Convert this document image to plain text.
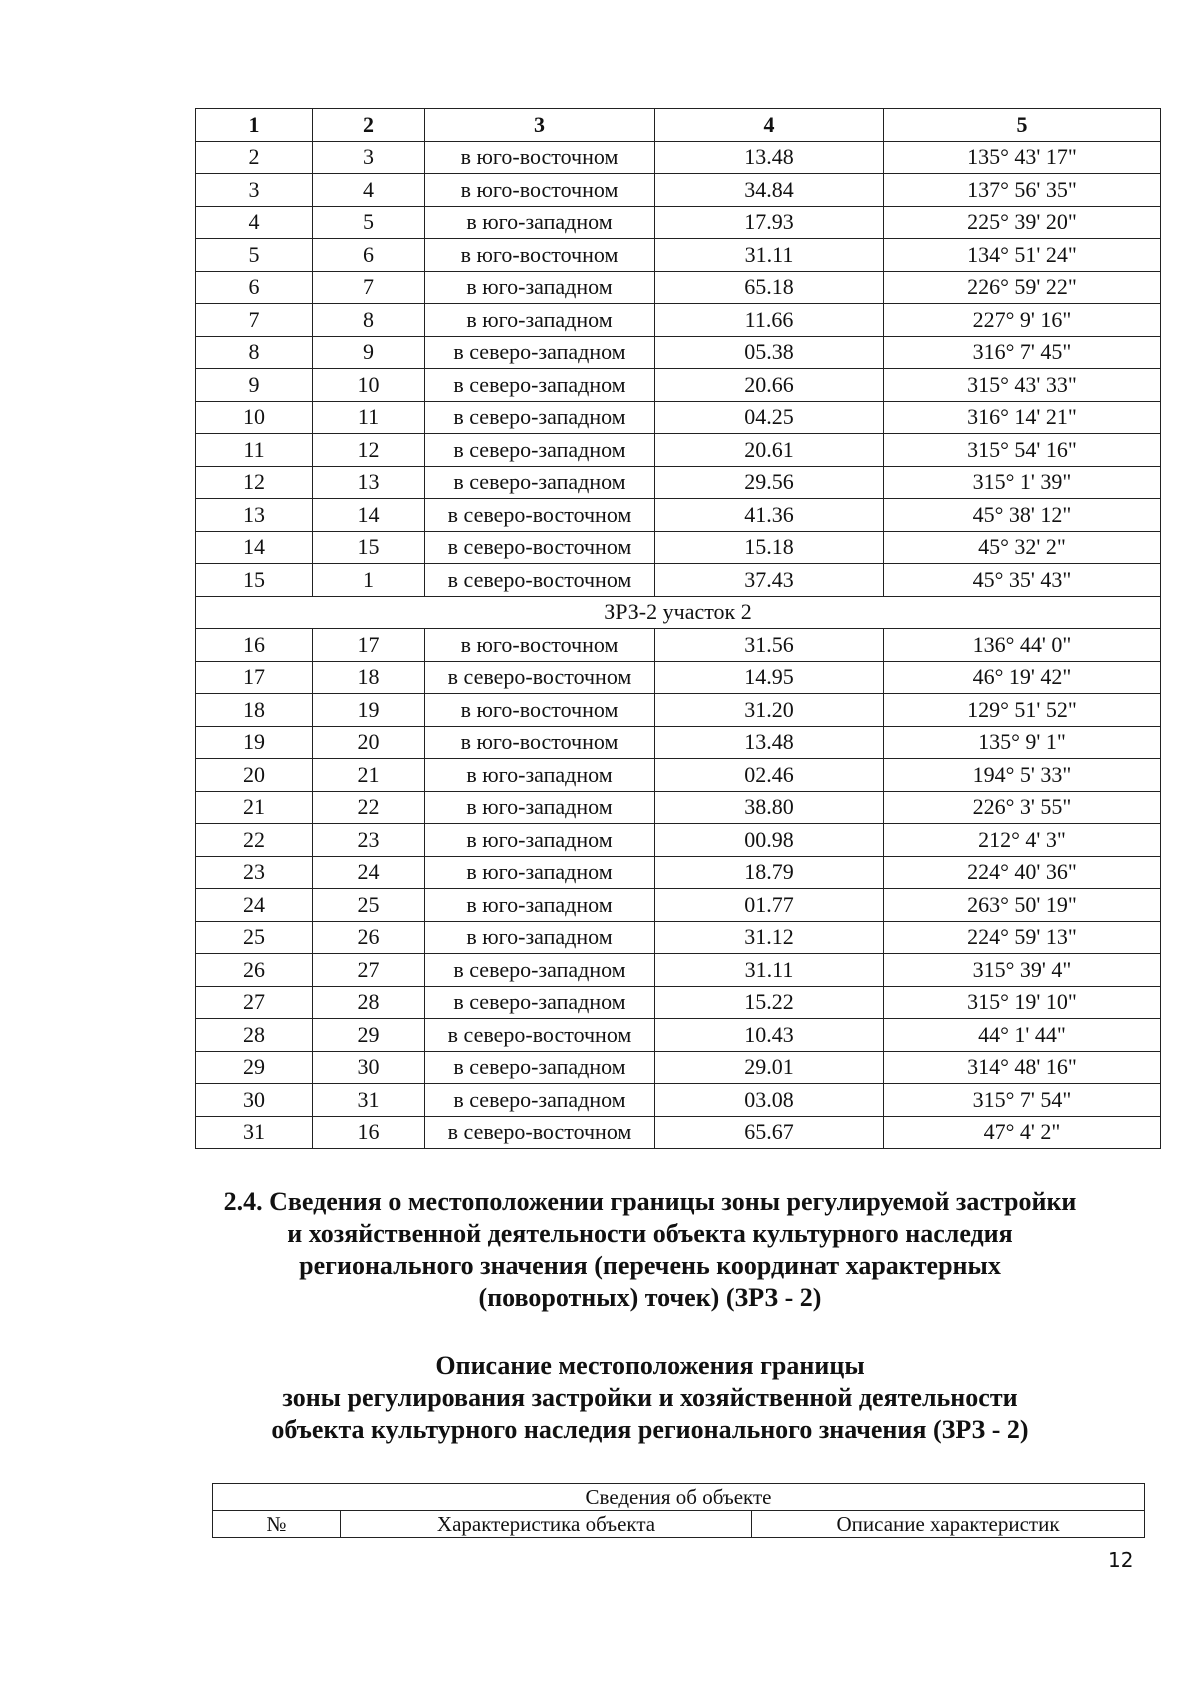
1	2	3	4	5
2	3	в юго-восточном	13.48	135° 43' 17"
3	4	в юго-восточном	34.84	137° 56' 35"
4	5	в юго-западном	17.93	225° 39' 20"
5	6	в юго-восточном	31.11	134° 51' 24"
6	7	в юго-западном	65.18	226° 59' 22"
7	8	в юго-западном	11.66	227° 9' 16"
8	9	в северо-западном	05.38	316° 7' 45"
9	10	в северо-западном	20.66	315° 43' 33"
10	11	в северо-западном	04.25	316° 14' 21"
11	12	в северо-западном	20.61	315° 54' 16"
12	13	в северо-западном	29.56	315° 1' 39"
13	14	в северо-восточном	41.36	45° 38' 12"
14	15	в северо-восточном	15.18	45° 32' 2"
15	1	в северо-восточном	37.43	45° 35' 43"
ЗРЗ-2 участок 2				
16	17	в юго-восточном	31.56	136° 44' 0"
17	18	в северо-восточном	14.95	46° 19' 42"
18	19	в юго-восточном	31.20	129° 51' 52"
19	20	в юго-восточном	13.48	135° 9' 1"
20	21	в юго-западном	02.46	194° 5' 33"
21	22	в юго-западном	38.80	226° 3' 55"
22	23	в юго-западном	00.98	212° 4' 3"
23	24	в юго-западном	18.79	224° 40' 36"
24	25	в юго-западном	01.77	263° 50' 19"
25	26	в юго-западном	31.12	224° 59' 13"
26	27	в северо-западном	31.11	315° 39' 4"
27	28	в северо-западном	15.22	315° 19' 10"
28	29	в северо-восточном	10.43	44° 1' 44"
29	30	в северо-западном	29.01	314° 48' 16"
30	31	в северо-западном	03.08	315° 7' 54"
31	16	в северо-восточном	65.67	47° 4' 2"
2.4. Сведения о местоположении границы зоны регулируемой застройки
и хозяйственной деятельности объекта культурного наследия
регионального значения (перечень координат характерных
(поворотных) точек) (ЗРЗ - 2)
Описание местоположения границы
зоны регулирования застройки и хозяйственной деятельности
объекта культурного наследия регионального значения (ЗРЗ - 2)
Сведения об объекте
№	Характеристика объекта	Описание характеристик
12
